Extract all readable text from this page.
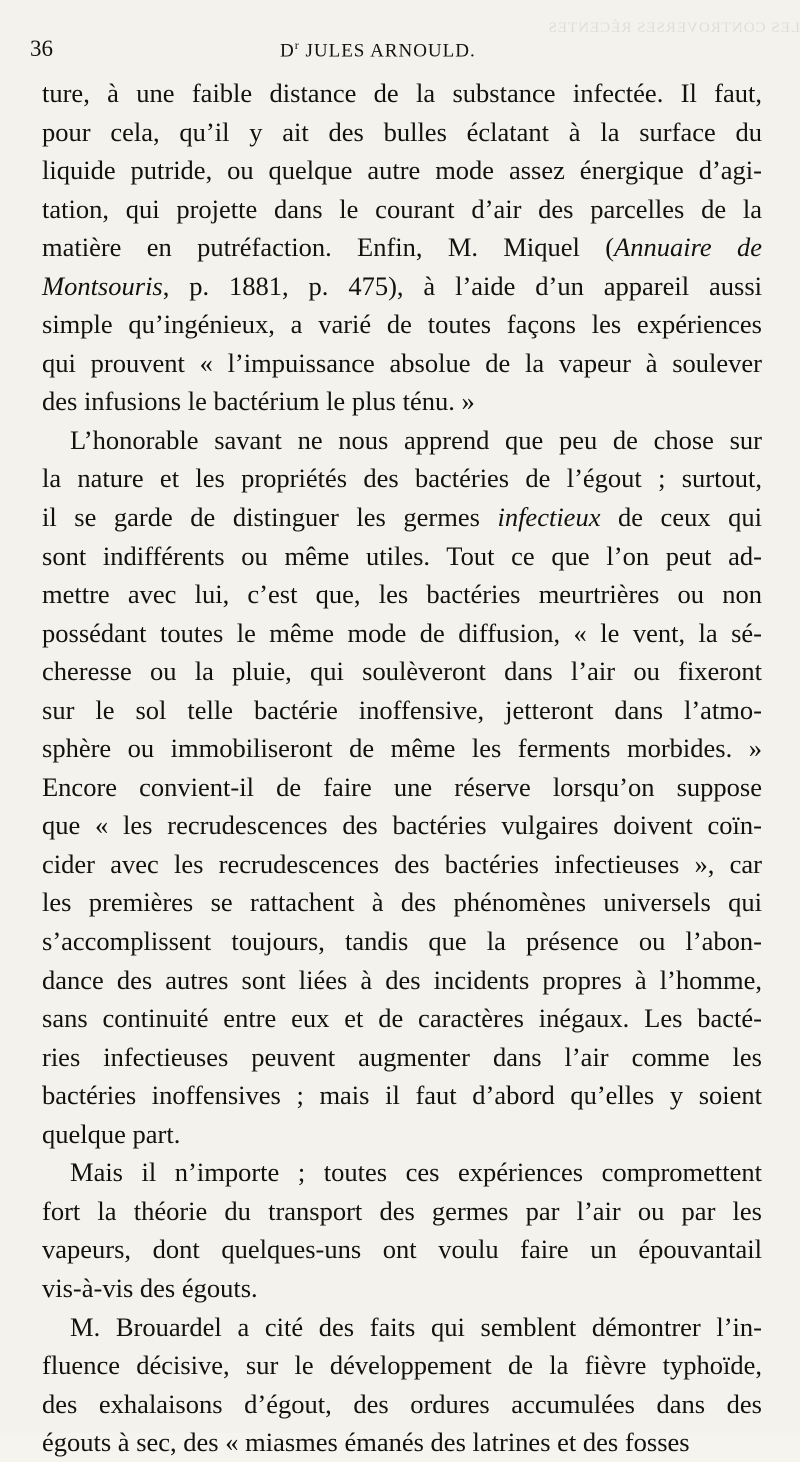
LES CONTROVERSES RÉCENTES
36	$D^r$ JULES ARNOULD.
ture, à une faible distance de la substance infectée. Il faut,
pour cela, qu’il y ait des bulles éclatant à la surface du
liquide putride, ou quelque autre mode assez énergique d’agi-
tation, qui projette dans le courant d’air des parcelles de la
matière en putréfaction. Enfin, M. Miquel (Annuaire de
Montsouris, p. 1881, p. 475), à l’aide d’un appareil aussi
simple qu’ingénieux, a varié de toutes façons les expériences
qui prouvent « l’impuissance absolue de la vapeur à soulever
des infusions le bactérium le plus ténu. »
L’honorable savant ne nous apprend que peu de chose sur
la nature et les propriétés des bactéries de l’égout ; surtout,
il se garde de distinguer les germes infectieux de ceux qui
sont indifférents ou même utiles. Tout ce que l’on peut ad-
mettre avec lui, c’est que, les bactéries meurtrières ou non
possédant toutes le même mode de diffusion, « le vent, la sé-
cheresse ou la pluie, qui soulèveront dans l’air ou fixeront
sur le sol telle bactérie inoffensive, jetteront dans l’atmo-
sphère ou immobiliseront de même les ferments morbides. »
Encore convient-il de faire une réserve lorsqu’on suppose
que « les recrudescences des bactéries vulgaires doivent coïn-
cider avec les recrudescences des bactéries infectieuses », car
les premières se rattachent à des phénomènes universels qui
s’accomplissent toujours, tandis que la présence ou l’abon-
dance des autres sont liées à des incidents propres à l’homme,
sans continuité entre eux et de caractères inégaux. Les bacté-
ries infectieuses peuvent augmenter dans l’air comme les
bactéries inoffensives ; mais il faut d’abord qu’elles y soient
quelque part.
Mais il n’importe ; toutes ces expériences compromettent
fort la théorie du transport des germes par l’air ou par les
vapeurs, dont quelques-uns ont voulu faire un épouvantail
vis-à-vis des égouts.
M. Brouardel a cité des faits qui semblent démontrer l’in-
fluence décisive, sur le développement de la fièvre typhoïde,
des exhalaisons d’égout, des ordures accumulées dans des
égouts à sec, des « miasmes émanés des latrines et des fosses
